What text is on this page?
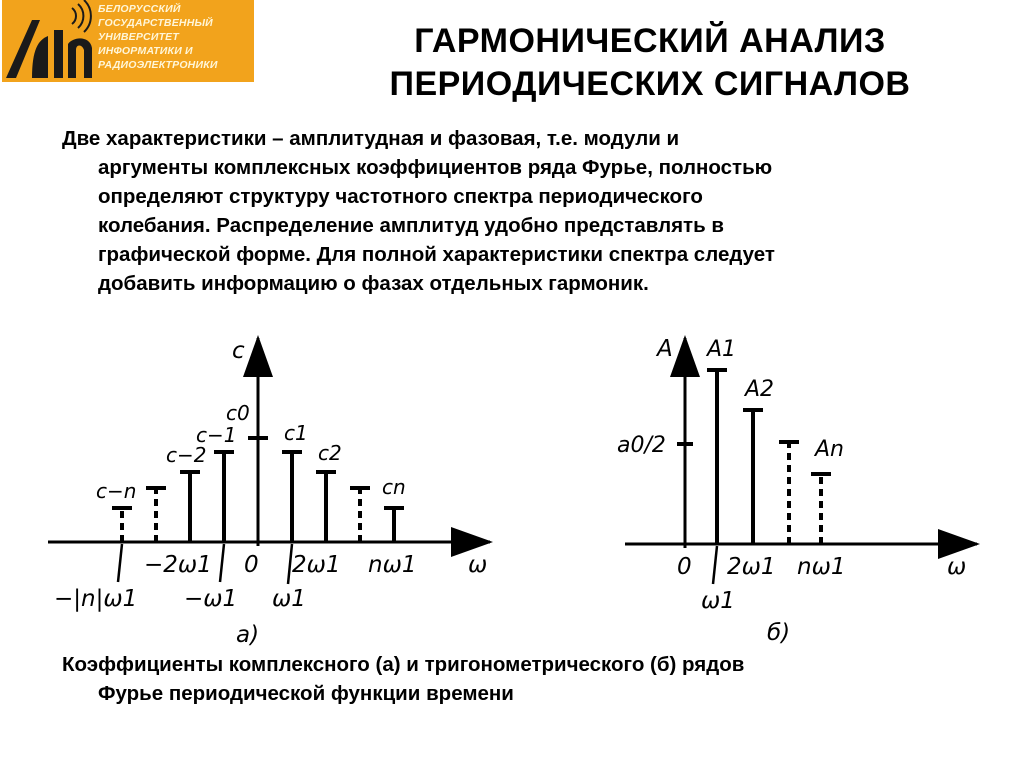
БЕЛОРУССКИЙ
ГОСУДАРСТВЕННЫЙ
УНИВЕРСИТЕТ
ИНФОРМАТИКИ И
РАДИОЭЛЕКТРОНИКИ
ГАРМОНИЧЕСКИЙ АНАЛИЗ
ПЕРИОДИЧЕСКИХ СИГНАЛОВ
Две характеристики – амплитудная и фазовая, т.е. модули и
аргументы комплексных коэффициентов ряда Фурье, полностью
определяют структуру частотного спектра периодического
колебания. Распределение амплитуд удобно представлять в
графической форме. Для полной характеристики спектра следует
добавить информацию о фазах отдельных гармоник.
c
ω
c−n
c−2
c−1
c0
c1
c2
cn
−2ω1 0 2ω1 nω1
−|n|ω1 −ω1 ω1
а)
A
ω
a0/2
A1
A2
An
0 2ω1 nω1
ω1
б)
Коэффициенты комплексного (а) и тригонометрического (б) рядов
Фурье периодической функции времени
